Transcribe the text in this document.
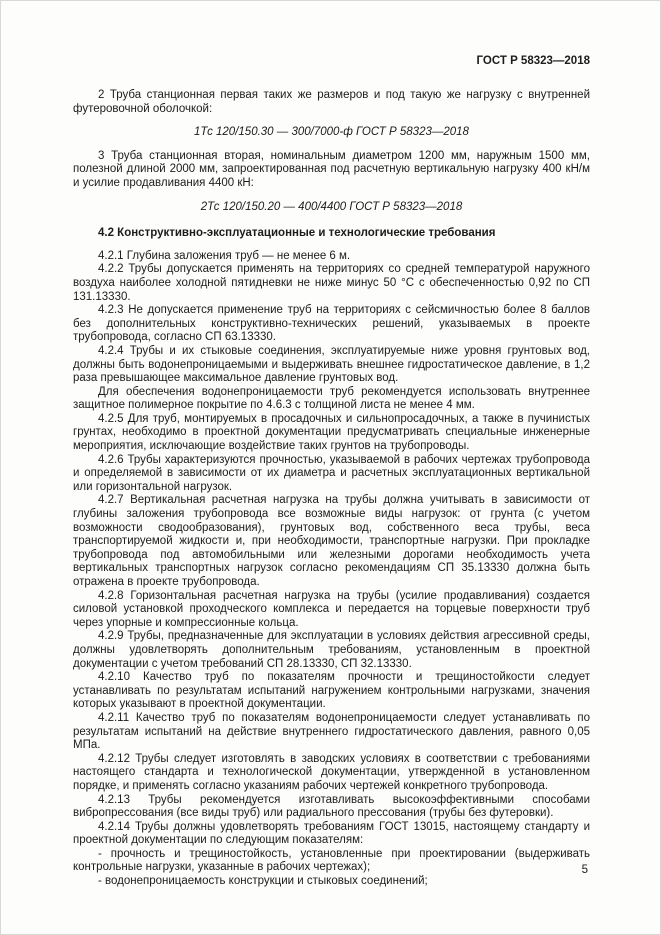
ГОСТ Р 58323—2018

2 Труба станционная первая таких же размеров и под такую же нагрузку с внутренней футеровочной оболочкой:

1Тс 120/150.30 — 300/7000-ф ГОСТ Р 58323—2018

3 Труба станционная вторая, номинальным диаметром 1200 мм, наружным 1500 мм, полезной длиной 2000 мм, запроектированная под расчетную вертикальную нагрузку 400 кН/м и усилие продавливания 4400 кН:

2Тс 120/150.20 — 400/4400 ГОСТ Р 58323—2018

4.2 Конструктивно-эксплуатационные и технологические требования

4.2.1 Глубина заложения труб — не менее 6 м.

4.2.2 Трубы допускается применять на территориях со средней температурой наружного воздуха наиболее холодной пятидневки не ниже минус 50 °С с обеспеченностью 0,92 по СП 131.13330.

4.2.3 Не допускается применение труб на территориях с сейсмичностью более 8 баллов без дополнительных конструктивно-технических решений, указываемых в проекте трубопровода, согласно СП 63.13330.

4.2.4 Трубы и их стыковые соединения, эксплуатируемые ниже уровня грунтовых вод, должны быть водонепроницаемыми и выдерживать внешнее гидростатическое давление, в 1,2 раза превышающее максимальное давление грунтовых вод.

Для обеспечения водонепроницаемости труб рекомендуется использовать внутреннее защитное полимерное покрытие по 4.6.3 с толщиной листа не менее 4 мм.

4.2.5 Для труб, монтируемых в просадочных и сильнопросадочных, а также в пучинистых грунтах, необходимо в проектной документации предусматривать специальные инженерные мероприятия, исключающие воздействие таких грунтов на трубопроводы.

4.2.6 Трубы характеризуются прочностью, указываемой в рабочих чертежах трубопровода и определяемой в зависимости от их диаметра и расчетных эксплуатационных вертикальной или горизонтальной нагрузок.

4.2.7 Вертикальная расчетная нагрузка на трубы должна учитывать в зависимости от глубины заложения трубопровода все возможные виды нагрузок: от грунта (с учетом возможности сводообразования), грунтовых вод, собственного веса трубы, веса транспортируемой жидкости и, при необходимости, транспортные нагрузки. При прокладке трубопровода под автомобильными или железными дорогами необходимость учета вертикальных транспортных нагрузок согласно рекомендациям СП 35.13330 должна быть отражена в проекте трубопровода.

4.2.8 Горизонтальная расчетная нагрузка на трубы (усилие продавливания) создается силовой установкой проходческого комплекса и передается на торцевые поверхности труб через упорные и компрессионные кольца.

4.2.9 Трубы, предназначенные для эксплуатации в условиях действия агрессивной среды, должны удовлетворять дополнительным требованиям, установленным в проектной документации с учетом требований СП 28.13330, СП 32.13330.

4.2.10 Качество труб по показателям прочности и трещиностойкости следует устанавливать по результатам испытаний нагружением контрольными нагрузками, значения которых указывают в проектной документации.

4.2.11 Качество труб по показателям водонепроницаемости следует устанавливать по результатам испытаний на действие внутреннего гидростатического давления, равного 0,05 МПа.

4.2.12 Трубы следует изготовлять в заводских условиях в соответствии с требованиями настоящего стандарта и технологической документации, утвержденной в установленном порядке, и применять согласно указаниям рабочих чертежей конкретного трубопровода.

4.2.13 Трубы рекомендуется изготавливать высокоэффективными способами вибропрессования (все виды труб) или радиального прессования (трубы без футеровки).

4.2.14 Трубы должны удовлетворять требованиям ГОСТ 13015, настоящему стандарту и проектной документации по следующим показателям:

- прочность и трещиностойкость, установленные при проектировании (выдерживать контрольные нагрузки, указанные в рабочих чертежах);

- водонепроницаемость конструкции и стыковых соединений;

5
